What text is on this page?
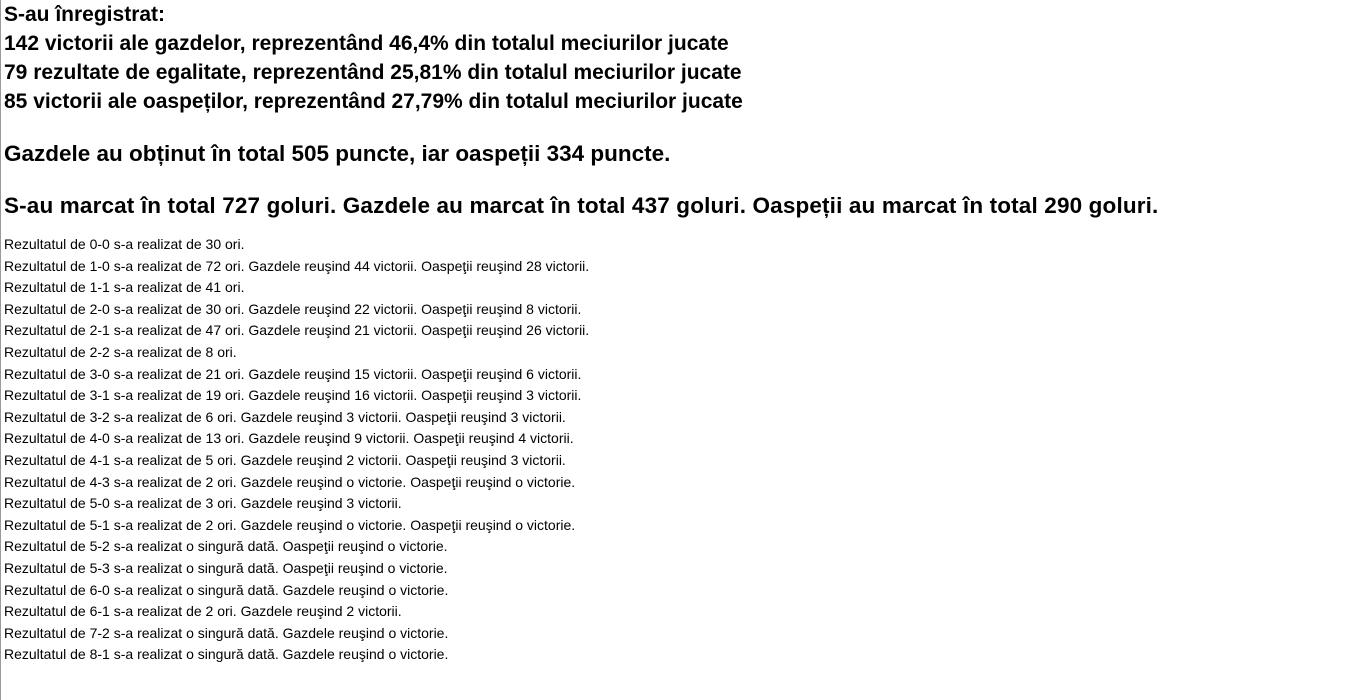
S-au înregistrat:
142 victorii ale gazdelor, reprezentând 46,4% din totalul meciurilor jucate
79 rezultate de egalitate, reprezentând 25,81% din totalul meciurilor jucate
85 victorii ale oaspeților, reprezentând 27,79% din totalul meciurilor jucate
Gazdele au obținut în total 505 puncte, iar oaspeții 334 puncte.
S-au marcat în total 727 goluri. Gazdele au marcat în total 437 goluri. Oaspeții au marcat în total 290 goluri.
Rezultatul de 0-0 s-a realizat de 30 ori.
Rezultatul de 1-0 s-a realizat de 72 ori. Gazdele reuşind 44 victorii. Oaspeţii reuşind 28 victorii.
Rezultatul de 1-1 s-a realizat de 41 ori.
Rezultatul de 2-0 s-a realizat de 30 ori. Gazdele reuşind 22 victorii. Oaspeţii reuşind 8 victorii.
Rezultatul de 2-1 s-a realizat de 47 ori. Gazdele reuşind 21 victorii. Oaspeţii reuşind 26 victorii.
Rezultatul de 2-2 s-a realizat de 8 ori.
Rezultatul de 3-0 s-a realizat de 21 ori. Gazdele reuşind 15 victorii. Oaspeţii reuşind 6 victorii.
Rezultatul de 3-1 s-a realizat de 19 ori. Gazdele reuşind 16 victorii. Oaspeţii reuşind 3 victorii.
Rezultatul de 3-2 s-a realizat de 6 ori. Gazdele reuşind 3 victorii. Oaspeţii reuşind 3 victorii.
Rezultatul de 4-0 s-a realizat de 13 ori. Gazdele reuşind 9 victorii. Oaspeţii reuşind 4 victorii.
Rezultatul de 4-1 s-a realizat de 5 ori. Gazdele reuşind 2 victorii. Oaspeţii reuşind 3 victorii.
Rezultatul de 4-3 s-a realizat de 2 ori. Gazdele reuşind o victorie. Oaspeţii reuşind o victorie.
Rezultatul de 5-0 s-a realizat de 3 ori. Gazdele reuşind 3 victorii.
Rezultatul de 5-1 s-a realizat de 2 ori. Gazdele reuşind o victorie. Oaspeţii reuşind o victorie.
Rezultatul de 5-2 s-a realizat o singură dată. Oaspeţii reuşind o victorie.
Rezultatul de 5-3 s-a realizat o singură dată. Oaspeţii reuşind o victorie.
Rezultatul de 6-0 s-a realizat o singură dată. Gazdele reuşind o victorie.
Rezultatul de 6-1 s-a realizat de 2 ori. Gazdele reuşind 2 victorii.
Rezultatul de 7-2 s-a realizat o singură dată. Gazdele reuşind o victorie.
Rezultatul de 8-1 s-a realizat o singură dată. Gazdele reuşind o victorie.
